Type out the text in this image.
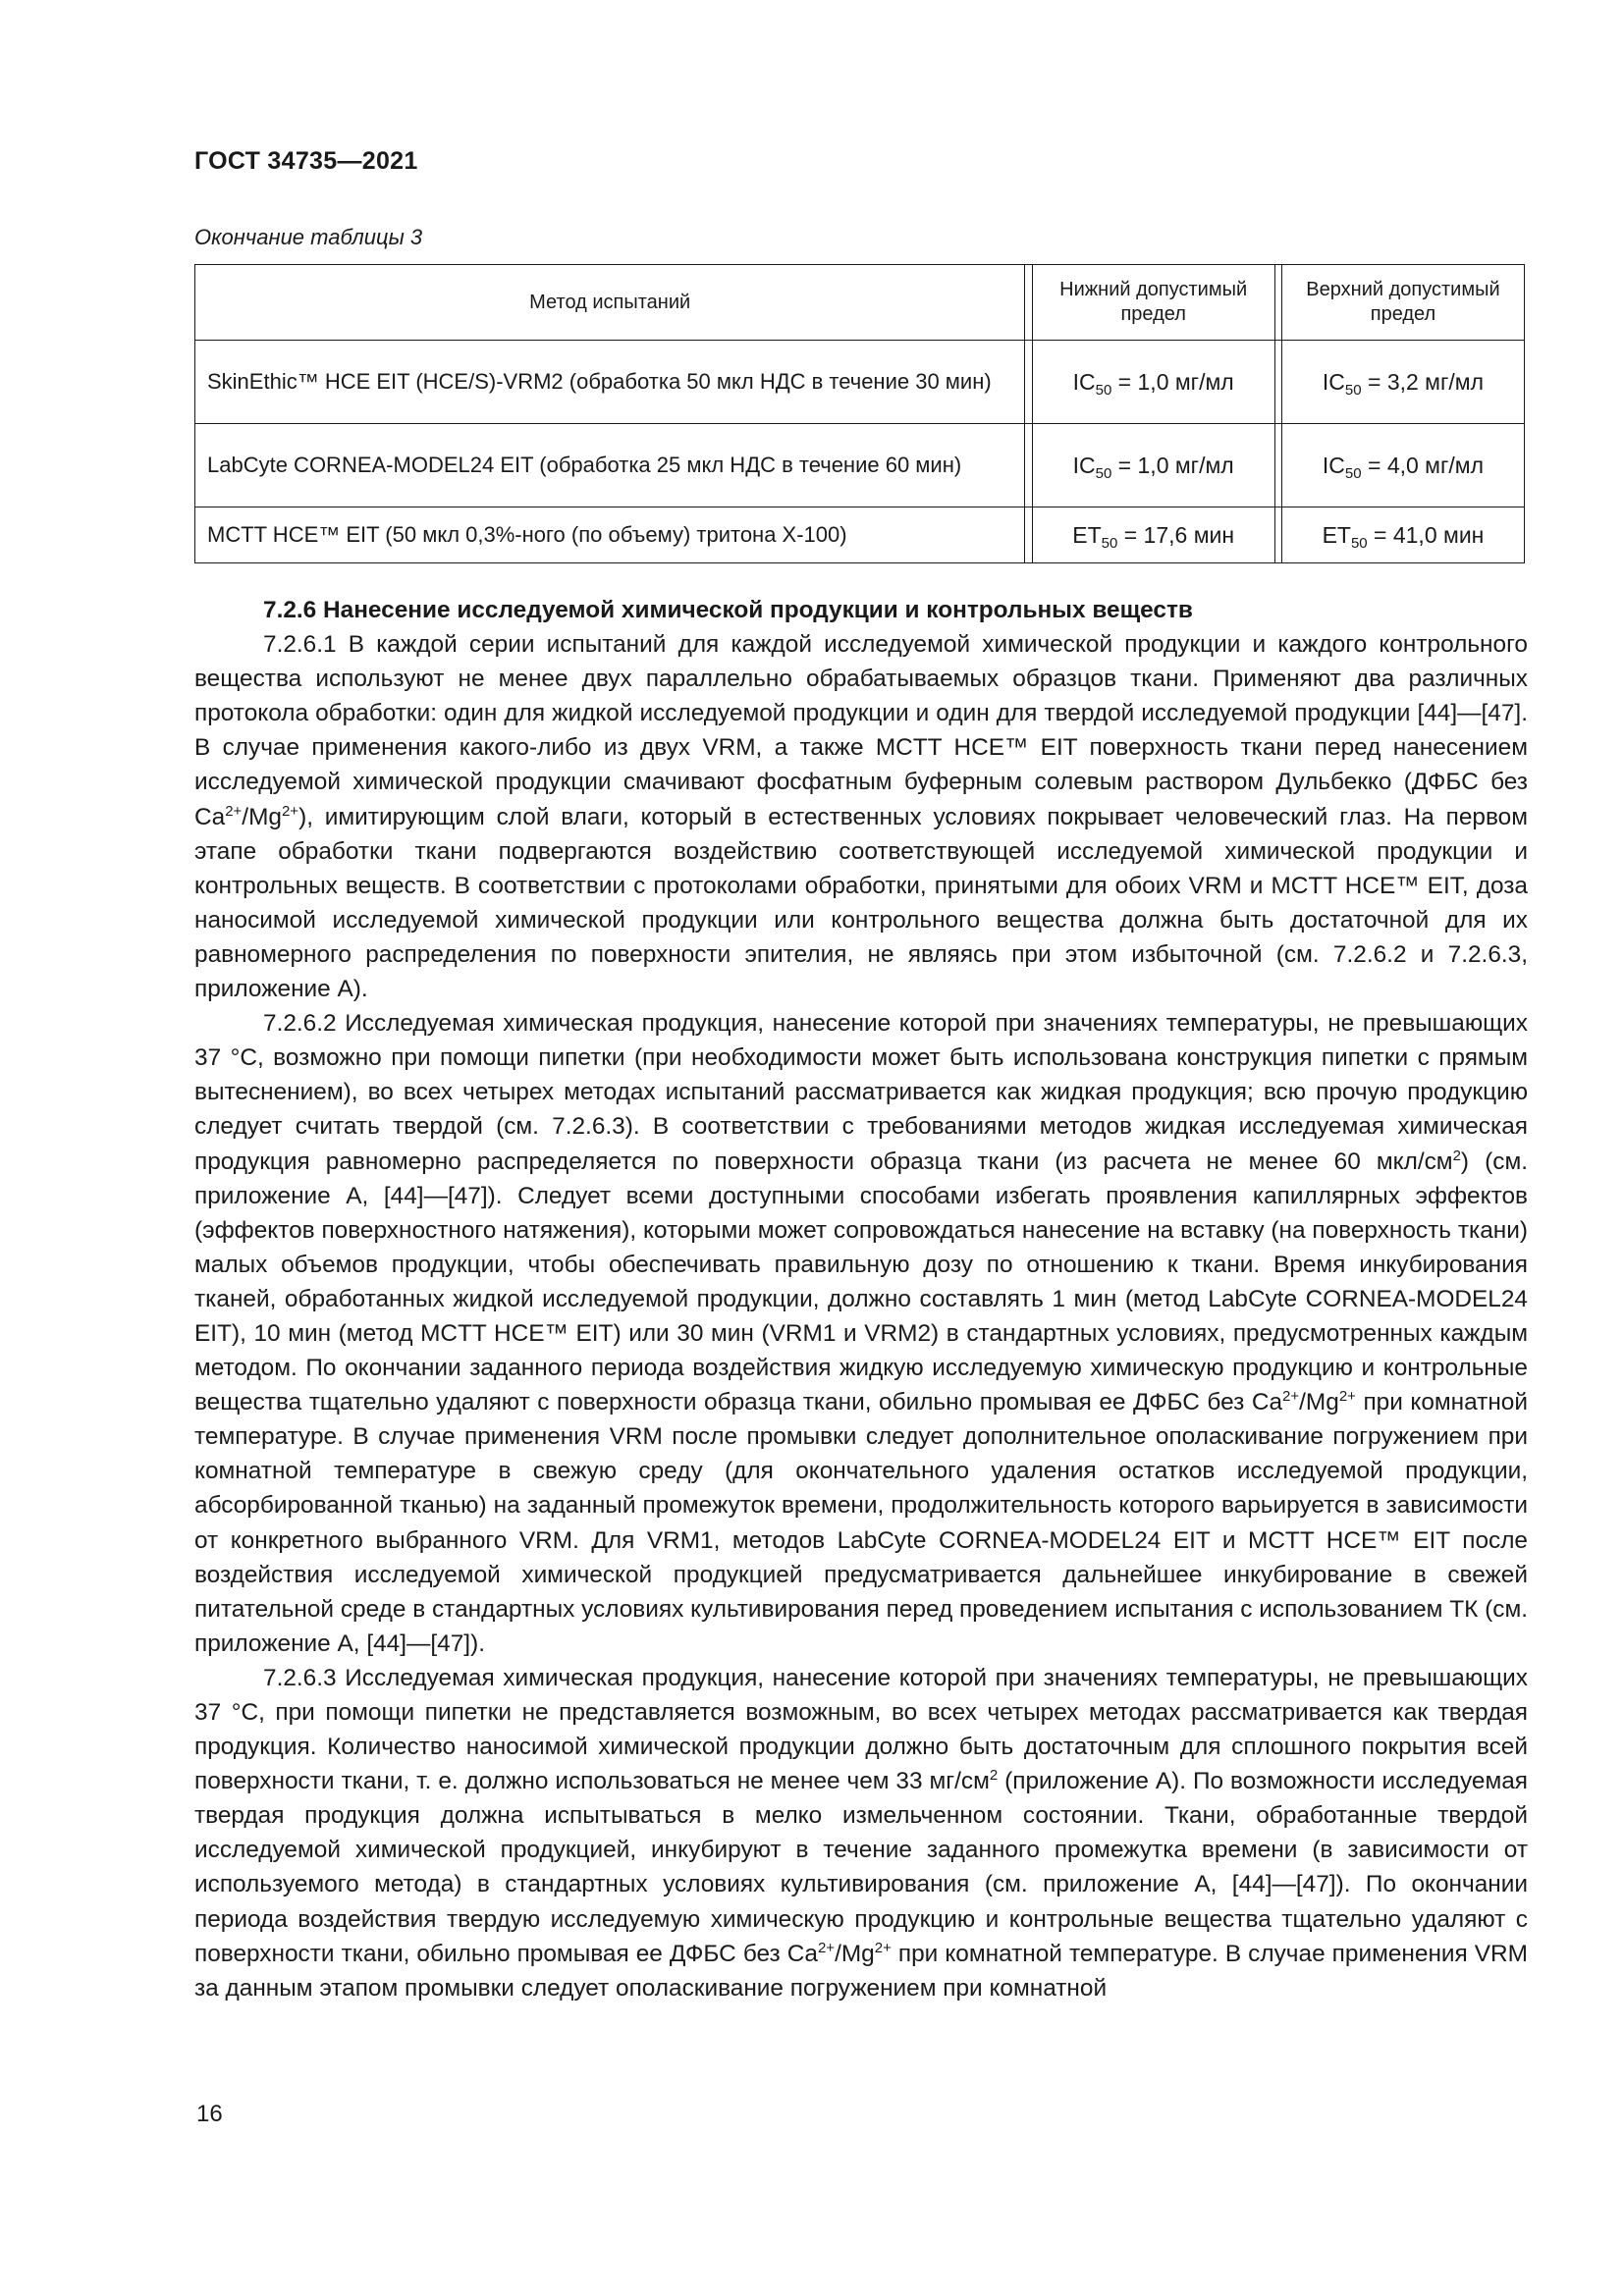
ГОСТ 34735—2021
Окончание таблицы 3
Метод испытаний		Нижний допустимый предел		Верхний допустимый предел
SkinEthic™ HCE EIT (HCE/S)-VRM2 (обработка 50 мкл НДС в течение 30 мин)		$IC_{50} = 1,0$ мг/мл		$IC_{50} = 3,2$ мг/мл
LabCyte CORNEA-MODEL24 EIT (обработка 25 мкл НДС в течение 60 мин)		$IC_{50} = 1,0$ мг/мл		$IC_{50} = 4,0$ мг/мл
MCTT HCE™ EIT (50 мкл 0,3%-ного (по объему) тритона Х-100)		$ET_{50} = 17,6$ мин		$ET_{50} = 41,0$ мин
7.2.6 Нанесение исследуемой химической продукции и контрольных веществ

7.2.6.1 В каждой серии испытаний для каждой исследуемой химической продукции и каждого контрольного вещества используют не менее двух параллельно обрабатываемых образцов ткани. Применяют два различных протокола обработки: один для жидкой исследуемой продукции и один для твердой исследуемой продукции [44]—[47]. В случае применения какого-либо из двух VRM, а также MCTT HCE™ EIT поверхность ткани перед нанесением исследуемой химической продукции смачивают фосфатным буферным солевым раствором Дульбекко (ДФБС без $Ca^{2+}/Mg^{2+}$), имитирующим слой влаги, который в естественных условиях покрывает человеческий глаз. На первом этапе обработки ткани подвергаются воздействию соответствующей исследуемой химической продукции и контрольных веществ. В соответствии с протоколами обработки, принятыми для обоих VRM и MCTT HCE™ EIT, доза наносимой исследуемой химической продукции или контрольного вещества должна быть достаточной для их равномерного распределения по поверхности эпителия, не являясь при этом избыточной (см. 7.2.6.2 и 7.2.6.3, приложение А).

7.2.6.2 Исследуемая химическая продукция, нанесение которой при значениях температуры, не превышающих 37 °C, возможно при помощи пипетки (при необходимости может быть использована конструкция пипетки с прямым вытеснением), во всех четырех методах испытаний рассматривается как жидкая продукция; всю прочую продукцию следует считать твердой (см. 7.2.6.3). В соответствии с требованиями методов жидкая исследуемая химическая продукция равномерно распределяется по поверхности образца ткани (из расчета не менее 60 мкл/$см^2$) (см. приложение А, [44]—[47]). Следует всеми доступными способами избегать проявления капиллярных эффектов (эффектов поверхностного натяжения), которыми может сопровождаться нанесение на вставку (на поверхность ткани) малых объемов продукции, чтобы обеспечивать правильную дозу по отношению к ткани. Время инкубирования тканей, обработанных жидкой исследуемой продукции, должно составлять 1 мин (метод LabCyte CORNEA-MODEL24 EIT), 10 мин (метод MCTT HCE™ EIT) или 30 мин (VRM1 и VRM2) в стандартных условиях, предусмотренных каждым методом. По окончании заданного периода воздействия жидкую исследуемую химическую продукцию и контрольные вещества тщательно удаляют с поверхности образца ткани, обильно промывая ее ДФБС без $Ca^{2+}/Mg^{2+}$ при комнатной температуре. В случае применения VRM после промывки следует дополнительное ополаскивание погружением при комнатной температуре в свежую среду (для окончательного удаления остатков исследуемой продукции, абсорбированной тканью) на заданный промежуток времени, продолжительность которого варьируется в зависимости от конкретного выбранного VRM. Для VRM1, методов LabCyte CORNEA-MODEL24 EIT и MCTT HCE™ EIT после воздействия исследуемой химической продукцией предусматривается дальнейшее инкубирование в свежей питательной среде в стандартных условиях культивирования перед проведением испытания с использованием ТК (см. приложение А, [44]—[47]).

7.2.6.3 Исследуемая химическая продукция, нанесение которой при значениях температуры, не превышающих 37 °C, при помощи пипетки не представляется возможным, во всех четырех методах рассматривается как твердая продукция. Количество наносимой химической продукции должно быть достаточным для сплошного покрытия всей поверхности ткани, т. е. должно использоваться не менее чем 33 $мг/см^2$ (приложение А). По возможности исследуемая твердая продукция должна испытываться в мелко измельченном состоянии. Ткани, обработанные твердой исследуемой химической продукцией, инкубируют в течение заданного промежутка времени (в зависимости от используемого метода) в стандартных условиях культивирования (см. приложение А, [44]—[47]). По окончании периода воздействия твердую исследуемую химическую продукцию и контрольные вещества тщательно удаляют с поверхности ткани, обильно промывая ее ДФБС без $Ca^{2+}/Mg^{2+}$ при комнатной температуре. В случае применения VRM за данным этапом промывки следует ополаскивание погружением при комнатной

16
